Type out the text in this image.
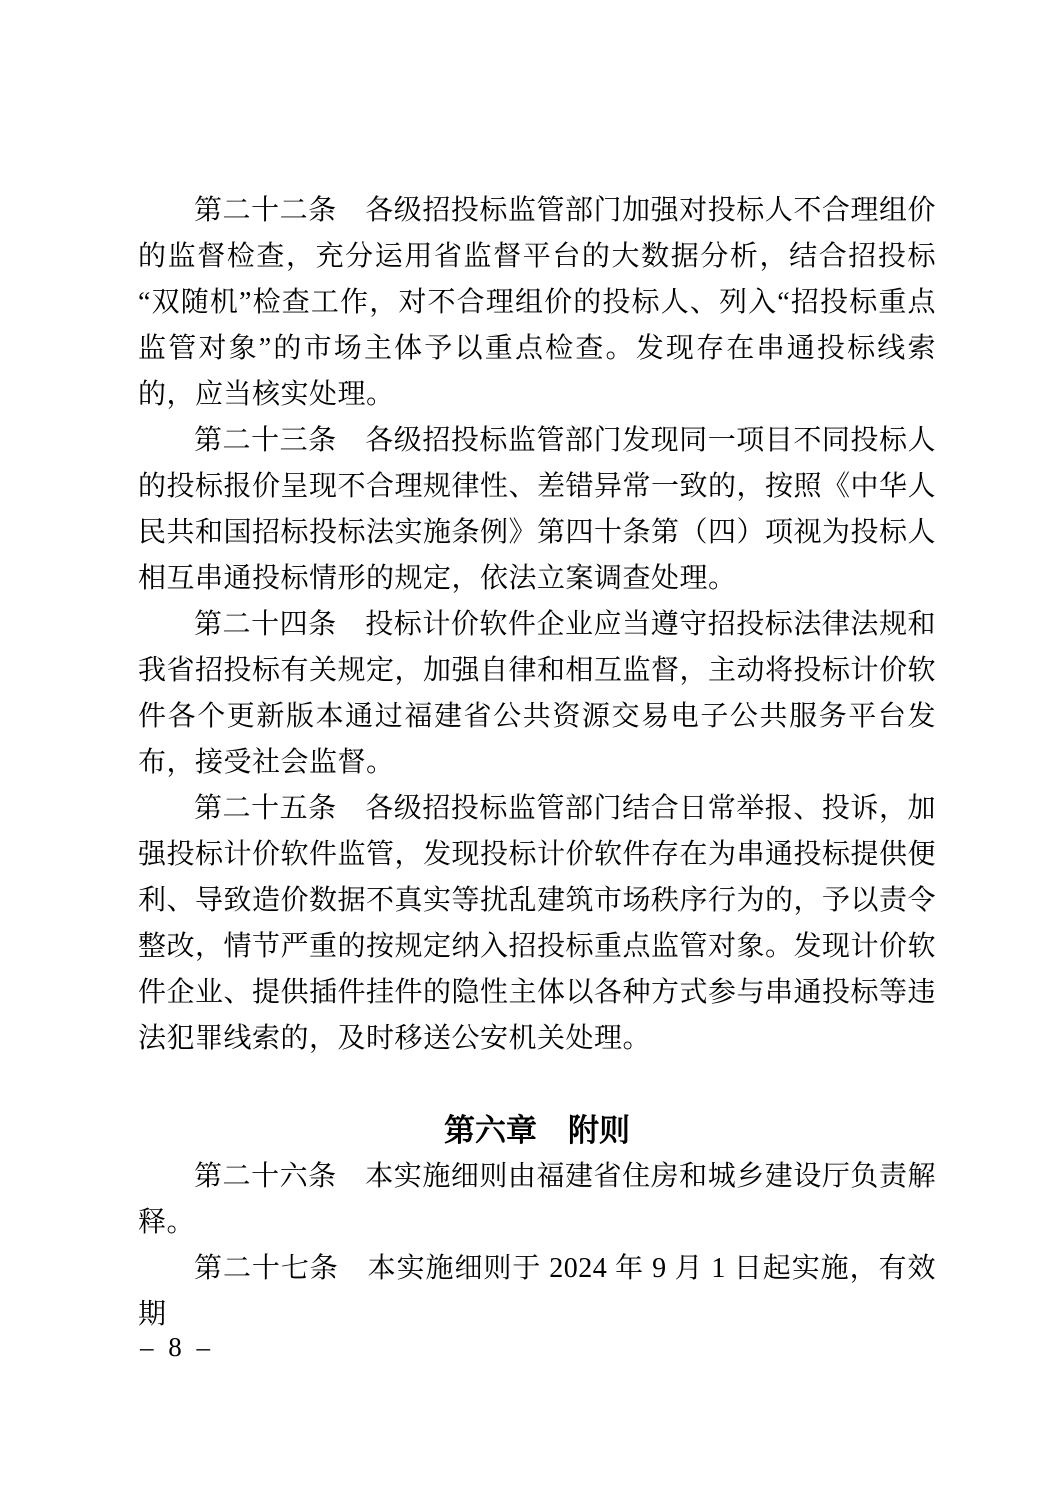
第二十二条　各级招投标监管部门加强对投标人不合理组价的监督检查，充分运用省监督平台的大数据分析，结合招投标“双随机”检查工作，对不合理组价的投标人、列入“招投标重点监管对象”的市场主体予以重点检查。发现存在串通投标线索的，应当核实处理。

第二十三条　各级招投标监管部门发现同一项目不同投标人的投标报价呈现不合理规律性、差错异常一致的，按照《中华人民共和国招标投标法实施条例》第四十条第（四）项视为投标人相互串通投标情形的规定，依法立案调查处理。

第二十四条　投标计价软件企业应当遵守招投标法律法规和我省招投标有关规定，加强自律和相互监督，主动将投标计价软件各个更新版本通过福建省公共资源交易电子公共服务平台发布，接受社会监督。

第二十五条　各级招投标监管部门结合日常举报、投诉，加强投标计价软件监管，发现投标计价软件存在为串通投标提供便利、导致造价数据不真实等扰乱建筑市场秩序行为的，予以责令整改，情节严重的按规定纳入招投标重点监管对象。发现计价软件企业、提供插件挂件的隐性主体以各种方式参与串通投标等违法犯罪线索的，及时移送公安机关处理。

第六章　附则

第二十六条　本实施细则由福建省住房和城乡建设厅负责解释。

第二十七条　本实施细则于 2024 年 9 月 1 日起实施，有效期

– 8 –
